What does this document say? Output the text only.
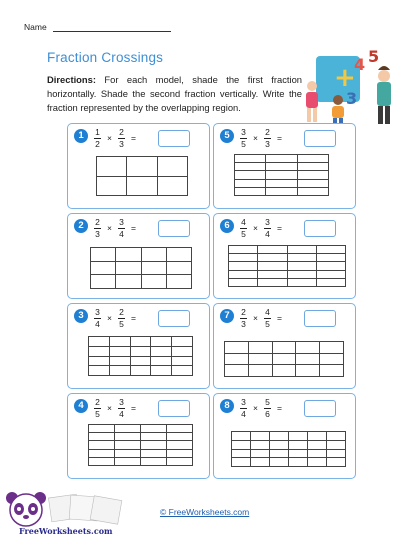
Name
Fraction Crossings
Directions: For each model, shade the first fraction horizontally. Shade the second fraction vertically. Write the fraction represented by the overlapping region.
+
4 5
3
1	$\frac{1}{2} \times \frac{2}{3}$ =

2	$\frac{2}{3} \times \frac{3}{4}$ =

3	$\frac{3}{4} \times \frac{2}{5}$ =

4	$\frac{2}{5} \times \frac{3}{4}$ =

5	$\frac{3}{5} \times \frac{2}{3}$ =

6	$\frac{4}{5} \times \frac{3}{4}$ =

7	$\frac{2}{3} \times \frac{4}{5}$ =

8	$\frac{3}{4} \times \frac{5}{6}$ =

© FreeWorksheets.com
FreeWorksheets.com
